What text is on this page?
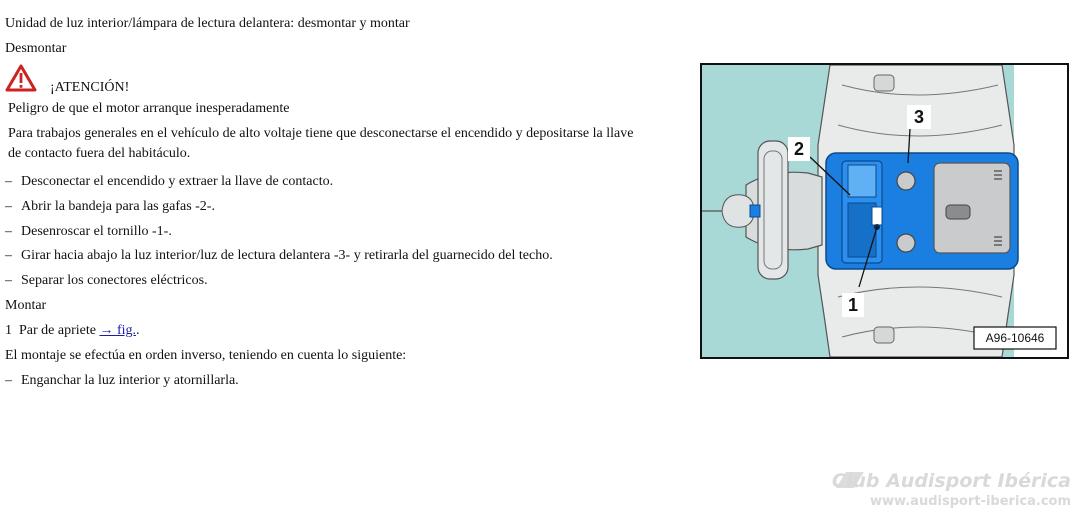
Unidad de luz interior/lámpara de lectura delantera: desmontar y montar
Desmontar
¡ATENCIÓN!
Peligro de que el motor arranque inesperadamente
Para trabajos generales en el vehículo de alto voltaje tiene que desconectarse el encendido y depositarse la llave
de contacto fuera del habitáculo.
– Desconectar el encendido y extraer la llave de contacto.
– Abrir la bandeja para las gafas -2-.
– Desenroscar el tornillo -1-.
– Girar hacia abajo la luz interior/luz de lectura delantera -3- y retirarla del guarnecido del techo.
– Separar los conectores eléctricos.
Montar
1 Par de apriete → fig..
El montaje se efectúa en orden inverso, teniendo en cuenta lo siguiente:
– Enganchar la luz interior y atornillarla.
3
2
1
A96-10646
Club Audisport Ibérica
www.audisport-iberica.com
